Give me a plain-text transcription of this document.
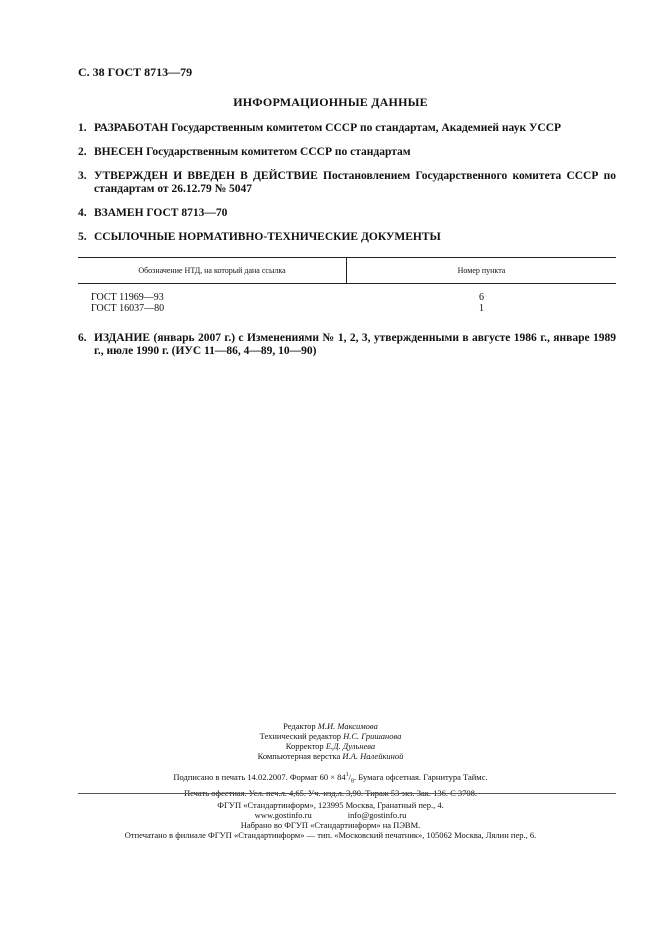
С. 38 ГОСТ 8713—79
ИНФОРМАЦИОННЫЕ ДАННЫЕ
1. РАЗРАБОТАН Государственным комитетом СССР по стандартам, Академией наук УССР
2. ВНЕСЕН Государственным комитетом СССР по стандартам
3. УТВЕРЖДЕН И ВВЕДЕН В ДЕЙСТВИЕ Постановлением Государственного комитета СССР по стандартам от 26.12.79 № 5047
4. ВЗАМЕН ГОСТ 8713—70
5. ССЫЛОЧНЫЕ НОРМАТИВНО-ТЕХНИЧЕСКИЕ ДОКУМЕНТЫ
Обозначение НТД, на который дана ссылка	Номер пункта
ГОСТ 11969—93	6
ГОСТ 16037—80	1
6. ИЗДАНИЕ (январь 2007 г.) с Изменениями № 1, 2, 3, утвержденными в августе 1986 г., январе 1989 г., июле 1990 г. (ИУС 11—86, 4—89, 10—90)
Редактор М.И. Максимова
Технический редактор Н.С. Гришанова
Корректор Е.Д. Дульнева
Компьютерная верстка И.А. Налейкиной
Подписано в печать 14.02.2007. Формат $60 \times 84^1/_8$. Бумага офсетная. Гарнитура Таймс.
Печать офсетная. Усл. печ.л. 4,65. Уч.-изд.л. 3,90. Тираж 53 экз. Зак. 136. С 3708.
ФГУП «Стандартинформ», 123995 Москва, Гранатный пер., 4.
www.gostinfo.ru	info@gostinfo.ru
Набрано во ФГУП «Стандартинформ» на ПЭВМ.
Отпечатано в филиале ФГУП «Стандартинформ» — тип. «Московский печатник», 105062 Москва, Лялин пер., 6.
